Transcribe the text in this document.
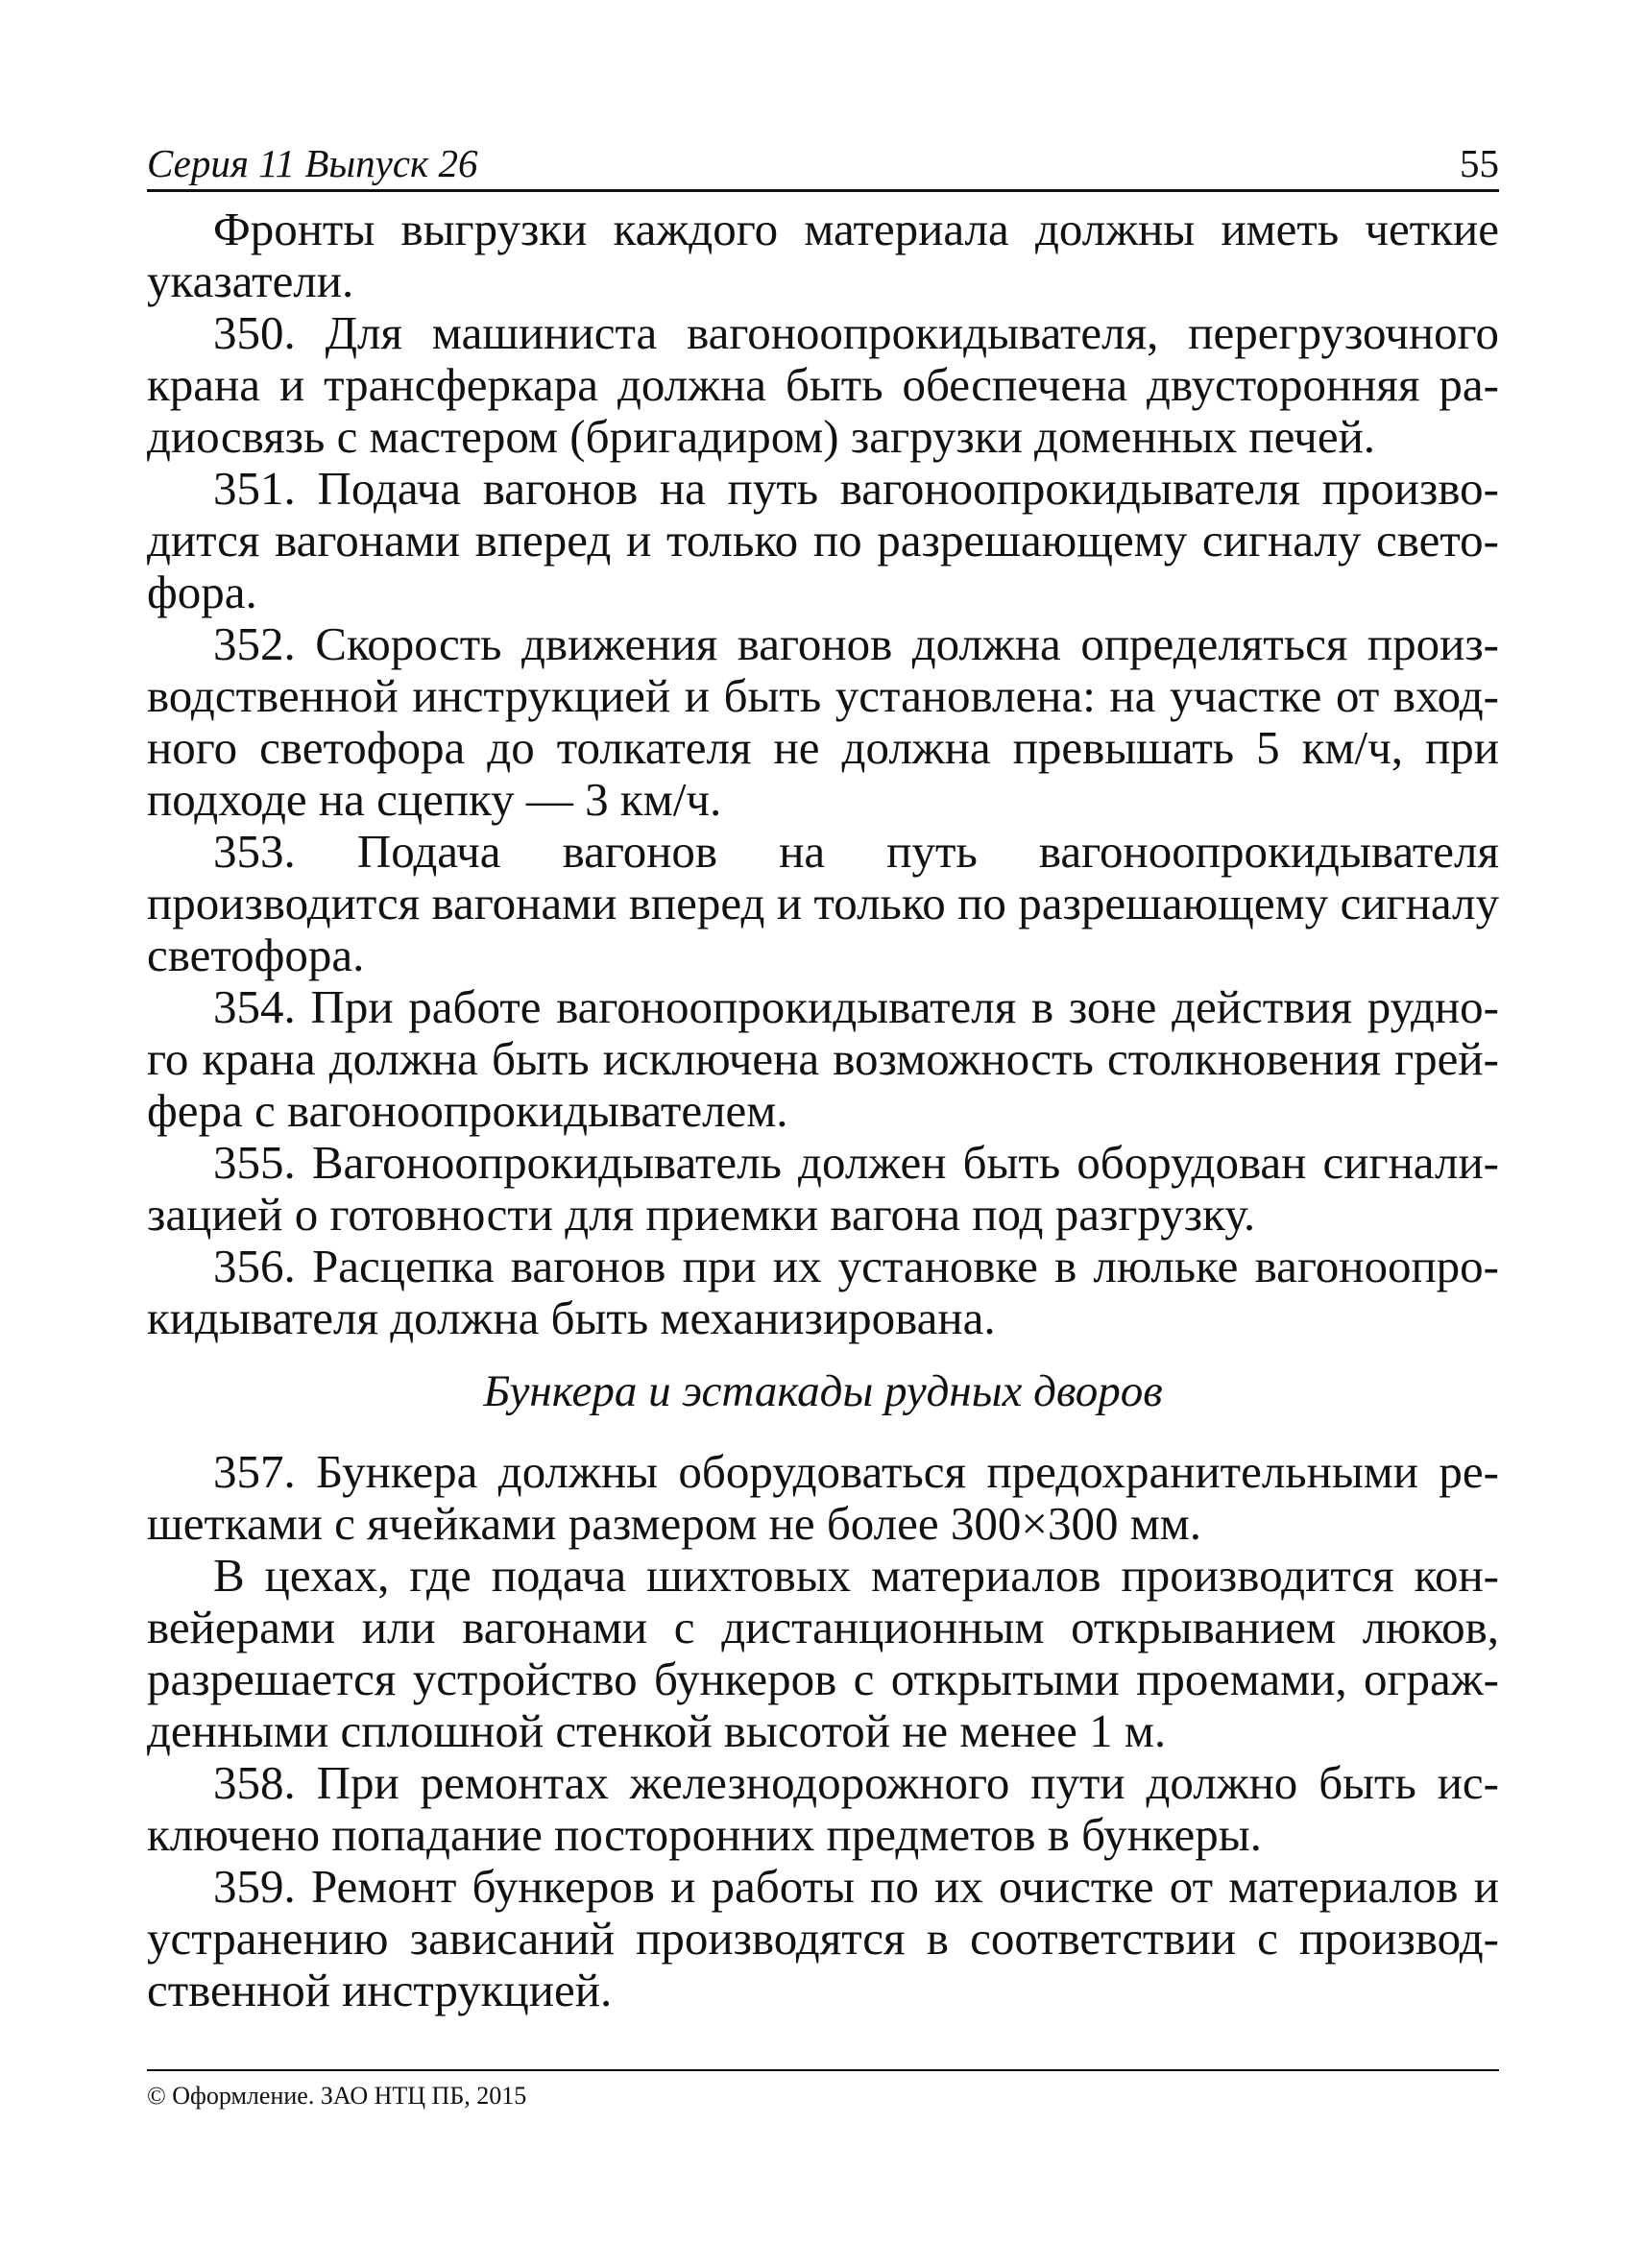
Серия 11 Выпуск 26	55

Фронты выгрузки каждого материала должны иметь четкие указатели.

350. Для машиниста вагоноопрокидывателя, перегрузочного крана и трансферкара должна быть обеспечена двусторонняя радиосвязь с мастером (бригадиром) загрузки доменных печей.

351. Подача вагонов на путь вагоноопрокидывателя производится вагонами вперед и только по разрешающему сигналу светофора.

352. Скорость движения вагонов должна определяться производственной инструкцией и быть установлена: на участке от входного светофора до толкателя не должна превышать 5 км/ч, при подходе на сцепку — 3 км/ч.

353. Подача вагонов на путь вагоноопрокидывателя производится вагонами вперед и только по разрешающему сигналу светофора.

354. При работе вагоноопрокидывателя в зоне действия рудного крана должна быть исключена возможность столкновения грейфера с вагоноопрокидывателем.

355. Вагоноопрокидыватель должен быть оборудован сигнализацией о готовности для приемки вагона под разгрузку.

356. Расцепка вагонов при их установке в люльке вагоноопрокидывателя должна быть механизирована.

Бункера и эстакады рудных дворов

357. Бункера должны оборудоваться предохранительными решетками с ячейками размером не более 300×300 мм.

В цехах, где подача шихтовых материалов производится конвейерами или вагонами с дистанционным открыванием люков, разрешается устройство бункеров с открытыми проемами, огражденными сплошной стенкой высотой не менее 1 м.

358. При ремонтах железнодорожного пути должно быть исключено попадание посторонних предметов в бункеры.

359. Ремонт бункеров и работы по их очистке от материалов и устранению зависаний производятся в соответствии с производственной инструкцией.

© Оформление. ЗАО НТЦ ПБ, 2015
